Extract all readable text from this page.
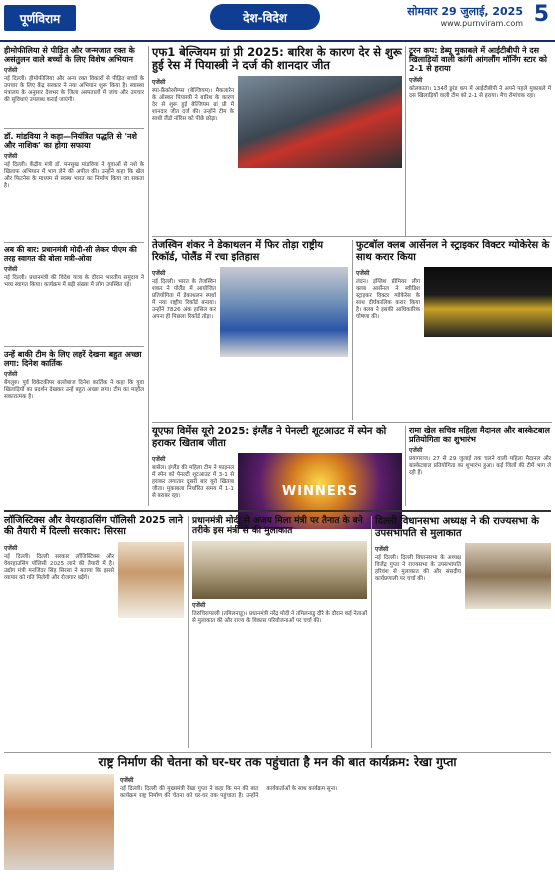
पूर्णविराम	देश-विदेश	सोमवार 29 जुलाई, 2025
www.purnviram.com 5
हीमोफीलिया से पीड़ित और जन्मजात रक्त के असंतुलन वाले बच्चों के लिए विशेष अभियान
एजेंसी
नई दिल्ली। हीमोफीलिया और अन्य रक्त विकारों से पीड़ित बच्चों के उपचार के लिए केंद्र सरकार ने नया अभियान शुरू किया है। स्वास्थ्य मंत्रालय के अनुसार देशभर के जिला अस्पतालों में जांच और उपचार की सुविधाएं उपलब्ध कराई जाएंगी।
डॉ. मांडविया ने कहा—नियंत्रित पद्धति से 'नशे और नाशिक' का होगा सफाया
एजेंसी
नई दिल्ली। केंद्रीय मंत्री डॉ. मनसुख मांडविया ने युवाओं से नशे के खिलाफ अभियान में भाग लेने की अपील की। उन्होंने कहा कि खेल और फिटनेस के माध्यम से स्वस्थ भारत का निर्माण किया जा सकता है।
अब की बार: प्रधानमंत्री मोदी-सी लेकर पीएम की तरह स्वागत की बोला मत्री-ओवा
एजेंसी
नई दिल्ली। प्रधानमंत्री की विदेश यात्रा के दौरान भारतीय समुदाय ने भव्य स्वागत किया। कार्यक्रम में बड़ी संख्या में लोग उपस्थित रहे।
उन्हें बाकी टीम के लिए लहरें देखना बहुत अच्छा लगा: दिनेश कार्तिक
एजेंसी
बेंगलुरु। पूर्व विकेटकीपर बल्लेबाज दिनेश कार्तिक ने कहा कि युवा खिलाड़ियों का प्रदर्शन देखकर उन्हें बहुत अच्छा लगा। टीम का माहौल सकारात्मक है।
एफ1 बेल्जियम ग्रां प्री 2025: बारिश के कारण देर से शुरू हुई रेस में पियास्त्री ने दर्ज की शानदार जीत
एजेंसी
स्पा-फ्रैंकोरशैम्प्स (बेल्जियम)। मैकलारेन के ऑस्कर पियास्त्री ने बारिश के कारण देर से शुरू हुई बेल्जियम ग्रां प्री में शानदार जीत दर्ज की। उन्होंने टीम के साथी लैंडो नॉरिस को पीछे छोड़ा।
ट्रूरन कप: डेब्यू मुकाबले में आईटीबीपी ने दस खिलाड़ियों वाली कांगी आंगलौंग मॉर्निंग स्टार को 2-1 से हराया
एजेंसी
कोलकाता। 134वें डूरंड कप में आईटीबीपी ने अपने पहले मुकाबले में दस खिलाड़ियों वाली टीम को 2-1 से हराया। मैच रोमांचक रहा।
तेजस्विन शंकर ने डेकाथलन में फिर तोड़ा राष्ट्रीय रिकॉर्ड, पोलैंड में रचा इतिहास
एजेंसी
नई दिल्ली। भारत के तेजस्विन शंकर ने पोलैंड में आयोजित प्रतियोगिता में डेकाथलन स्पर्धा में नया राष्ट्रीय रिकॉर्ड बनाया। उन्होंने 7826 अंक हासिल कर अपना ही पिछला रिकॉर्ड तोड़ा।
फुटबॉल क्लब आर्सेनल ने स्ट्राइकर विक्टर ग्योकेरेस के साथ करार किया
एजेंसी
लंदन। इंग्लिश प्रीमियर लीग क्लब आर्सेनल ने स्वीडिश स्ट्राइकर विक्टर ग्योकेरेस के साथ दीर्घकालिक करार किया है। क्लब ने इसकी आधिकारिक घोषणा की।
यूएफा विमेंस यूरो 2025: इंग्लैंड ने पेनल्टी शूटआउट में स्पेन को हराकर खिताब जीता
एजेंसी
बासेल। इंग्लैंड की महिला टीम ने फाइनल में स्पेन को पेनल्टी शूटआउट में 3-1 से हराकर लगातार दूसरी बार यूरो खिताब जीता। मुकाबला निर्धारित समय में 1-1 से बराबर रहा।	WINNERS
रामा खेल सचिव महिला मैदानल और बास्केटबाल प्रतियोगिता का शुभारंभ
एजेंसी
प्रयागराज। 27 से 29 जुलाई तक चलने वाली महिला मैदानल और बास्केटबाल प्रतियोगिता का शुभारंभ हुआ। कई जिलों की टीमें भाग ले रही हैं।
लॉजिस्टिक्स और वेयरहाउसिंग पॉलिसी 2025 लाने की तैयारी में दिल्ली सरकार: सिरसा
एजेंसी
नई दिल्ली। दिल्ली सरकार लॉजिस्टिक्स और वेयरहाउसिंग पॉलिसी 2025 लाने की तैयारी में है। उद्योग मंत्री मनजिंदर सिंह सिरसा ने बताया कि इससे व्यापार को गति मिलेगी और रोजगार बढ़ेंगे।
प्रधानमंत्री मोदी से अजय मिला मंत्री पर तैनात के बने तरीके इस मंत्री से की मुलाकात
एजेंसी
तिरुचिरापल्ली (तमिलनाडु)। प्रधानमंत्री नरेंद्र मोदी ने तमिलनाडु दौरे के दौरान कई नेताओं से मुलाकात की और राज्य के विकास परियोजनाओं पर चर्चा की।
दिल्ली विधानसभा अध्यक्ष ने की राज्यसभा के उपसभापति से मुलाकात
एजेंसी
नई दिल्ली। दिल्ली विधानसभा के अध्यक्ष विजेंद्र गुप्ता ने राज्यसभा के उपसभापति हरिवंश से मुलाकात की और संसदीय कार्यप्रणाली पर चर्चा की।
राष्ट्र निर्माण की चेतना को घर-घर तक पहुंचाता है मन की बात कार्यक्रम: रेखा गुप्ता
एजेंसी
नई दिल्ली। दिल्ली की मुख्यमंत्री रेखा गुप्ता ने कहा कि मन की बात कार्यक्रम राष्ट्र निर्माण की चेतना को घर-घर तक पहुंचाता है। उन्होंने कार्यकर्ताओं के साथ कार्यक्रम सुना।
